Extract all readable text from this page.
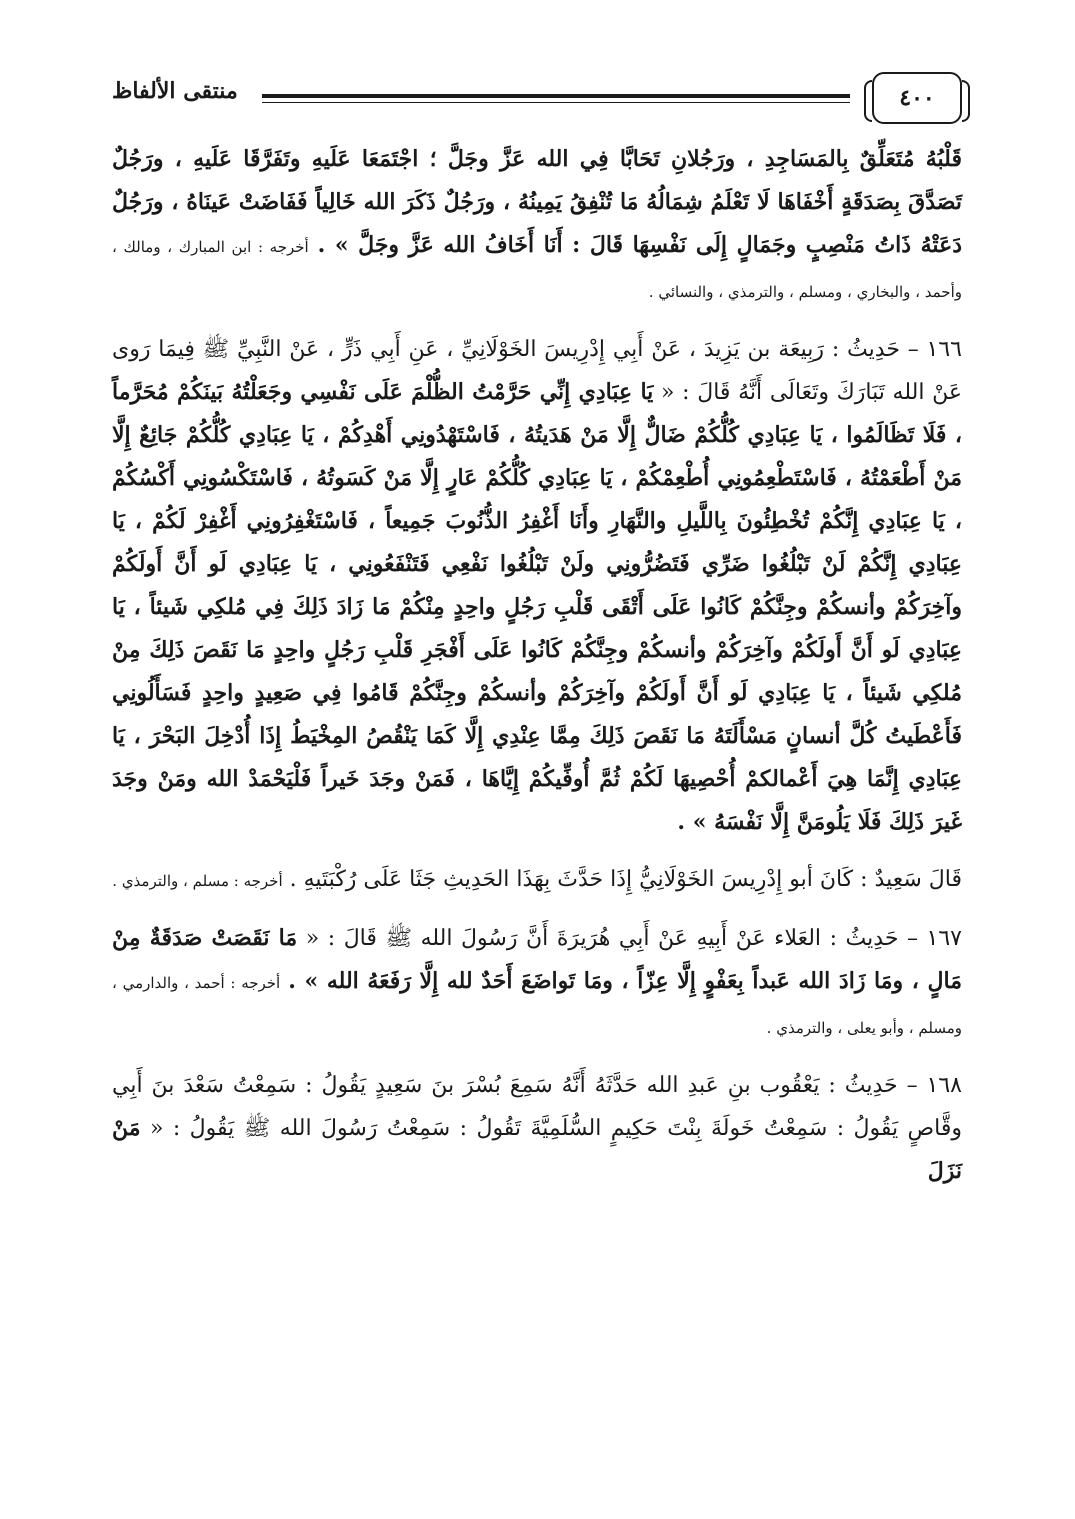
٤٠٠
منتقى الألفاظ

قَلْبُهُ مُتَعَلِّقٌ بِالمَسَاجِدِ ، ورَجُلانِ تَحَابَّا فِي الله عَزَّ وجَلَّ ؛ اجْتَمَعَا عَلَيهِ وتَفَرَّقَا عَلَيهِ ، ورَجُلٌ تَصَدَّقَ بِصَدَقَةٍ أَخْفَاهَا لَا تَعْلَمُ شِمَالُهُ مَا تُنْفِقُ يَمِينُهُ ، ورَجُلٌ ذَكَرَ الله خَالِياً فَفَاضَتْ عَينَاهُ ، ورَجُلٌ دَعَتْهُ ذَاتُ مَنْصِبٍ وجَمَالٍ إِلَى نَفْسِهَا قَالَ : أَنَا أَخَافُ الله عَزَّ وجَلَّ » . أخرجه : ابن المبارك ، ومالك ، وأحمد ، والبخاري ، ومسلم ، والترمذي ، والنسائي .

١٦٦ – حَدِيثُ : رَبِيعَة بن يَزِيدَ ، عَنْ أَبِي إِدْرِيسَ الخَوْلَانِيِّ ، عَنِ أَبِي ذَرٍّ ، عَنْ النَّبِيِّ ﷺ فِيمَا رَوى عَنْ الله تَبَارَكَ وتَعَالَى أَنَّهُ قَالَ : « يَا عِبَادِي إِنِّي حَرَّمْتُ الظُّلْمَ عَلَى نَفْسِي وجَعَلْتُهُ بَينَكُمْ مُحَرَّماً ، فَلَا تَظَالَمُوا ، يَا عِبَادِي كُلُّكُمْ ضَالٌّ إِلَّا مَنْ هَدَيتُهُ ، فَاسْتَهْدُونِي أَهْدِكُمْ ، يَا عِبَادِي كُلُّكُمْ جَائِعٌ إِلَّا مَنْ أَطْعَمْتُهُ ، فَاسْتَطْعِمُونِي أُطْعِمْكُمْ ، يَا عِبَادِي كُلُّكُمْ عَارٍ إِلَّا مَنْ كَسَوتُهُ ، فَاسْتَكْسُونِي أَكْسُكُمْ ، يَا عِبَادِي إِنَّكُمْ تُخْطِئُونَ بِاللَّيلِ والنَّهَارِ وأَنَا أَغْفِرُ الذُّنُوبَ جَمِيعاً ، فَاسْتَغْفِرُونِي أَغْفِرْ لَكُمْ ، يَا عِبَادِي إِنَّكُمْ لَنْ تَبْلُغُوا ضَرِّي فَتَضُرُّونِي ولَنْ تَبْلُغُوا نَفْعِي فَتَنْفَعُونِي ، يَا عِبَادِي لَو أَنَّ أَولَكُمْ وآخِرَكُمْ وأنسكُمْ وجِنَّكُمْ كَانُوا عَلَى أَتْقَى قَلْبِ رَجُلٍ واحِدٍ مِنْكُمْ مَا زَادَ ذَلِكَ فِي مُلكِي شَيئاً ، يَا عِبَادِي لَو أَنَّ أَولَكُمْ وآخِرَكُمْ وأنسكُمْ وجِنَّكُمْ كَانُوا عَلَى أَفْجَرِ قَلْبِ رَجُلٍ واحِدٍ مَا نَقَصَ ذَلِكَ مِنْ مُلكِي شَيئاً ، يَا عِبَادِي لَو أَنَّ أَولَكُمْ وآخِرَكُمْ وأنسكُمْ وجِنَّكُمْ قَامُوا فِي صَعِيدٍ واحِدٍ فَسَأَلُونِي فَأَعْطَيتُ كُلَّ أنسانٍ مَسْأَلَتَهُ مَا نَقَصَ ذَلِكَ مِمَّا عِنْدِي إِلَّا كَمَا يَنْقُصُ المِخْيَطُ إِذَا أُدْخِلَ البَحْرَ ، يَا عِبَادِي إِنَّمَا هِيَ أَعْمالكمْ أُحْصِيهَا لَكُمْ ثُمَّ أُوفِّيكُمْ إِيَّاهَا ، فَمَنْ وجَدَ خَيراً فَلْيَحْمَدْ الله ومَنْ وجَدَ غَيرَ ذَلِكَ فَلَا يَلُومَنَّ إِلَّا نَفْسَهُ » .

قَالَ سَعِيدٌ : كَانَ أبو إِدْرِيسَ الخَوْلَانِيُّ إِذَا حَدَّثَ بِهَذَا الحَدِيثِ جَثَا عَلَى رُكْبَتَيهِ . أخرجه : مسلم ، والترمذي .

١٦٧ – حَدِيثُ : العَلاء عَنْ أَبِيهِ عَنْ أَبِي هُرَيرَةَ أَنَّ رَسُولَ الله ﷺ قَالَ : « مَا نَقَصَتْ صَدَقَةٌ مِنْ مَالٍ ، ومَا زَادَ الله عَبداً بِعَفْوٍ إِلَّا عِزّاً ، ومَا تَواضَعَ أَحَدٌ لله إِلَّا رَفَعَهُ الله » . أخرجه : أحمد ، والدارمي ، ومسلم ، وأبو يعلى ، والترمذي .

١٦٨ – حَدِيثُ : يَعْقُوب بنِ عَبدِ الله حَدَّثَهُ أَنَّهُ سَمِعَ بُسْرَ بنَ سَعِيدٍ يَقُولُ : سَمِعْتُ سَعْدَ بنَ أَبِي وقَّاصٍ يَقُولُ : سَمِعْتُ خَولَةَ بِنْتَ حَكِيمٍ السُّلَمِيَّةَ تَقُولُ : سَمِعْتُ رَسُولَ الله ﷺ يَقُولُ : « مَنْ نَزَلَ
